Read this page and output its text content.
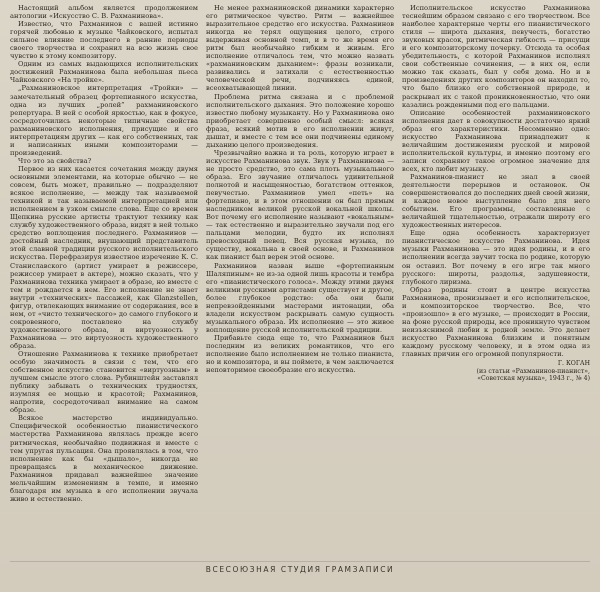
Настоящий альбом является продолжением антологии «Искусство С. В. Рахманинова».

Известно, что Рахманинов с вашей истинно горячей любовью к музыке Чайковского, испытал сильное влияние последнего в ранние периоды своего творчества и сохранил на всю жизнь свое чувство к этому композитору.

Одним из самых выдающихся исполнительских достижений Рахманинова была небольшая пьеса Чайковского «На тройке».

„Рахманиновское интерпретация «Тройки» — замечательный образец фортепианного искусства, одна из лучших „ролей” рахманиновского репертуара. В ней с особой яркостью, как в фокусе, сосредоточились некоторые типичные свойства рахманиновского исполнения, присущие и его интерпретациям других — как его собственных, так и написанных иными композиторами — произведений.

Что это за свойства?

Первое из них касается сочетания между двумя основными элементами, на которые обычно — не совсем, быть может, правильно — подразделяют всякое исполнение, — между так называемой техникой и так называемой интерпретацией или исполнением в узком смысле слова. Еще со времен Щепкина русские артисты трактуют технику как службу художественного образа, видят в ней только средство воплощения последнего. Рахманинов — достойный наследник, внушающий представитель этой славной традиции русского исполнительского искусства. Перефразируя известное изречение К. С. Станиславского (артист умирает в режиссере, режиссер умирает в актере), можно сказать, что у Рахманинова техника умирает в образе, но вместе с тем и рождается в нем. Его исполнение не знает внутри «технических» пассажей, как Glanzstellen, фигур, отвлекающих внимание от содержания, все в нем, от «чисто технического» до самого глубокого и сокровенного, поставлено на службу художественного образа, и виртуозность у Рахманинова — это виртуозность художественного образа.

Отношение Рахманинова к технике приобретает особую значимость в связи с тем, что его собственное искусство становится «виртуозным» в лучшем смысле этого слова. Рубинштейн заставлял публику забывать о технических трудностях, изумляя ее мощью и красотой; Рахманинов, напротив, сосредоточивал внимание на самом образе.

Всякое мастерство индивидуально. Специфической особенностью пианистического мастерства Рахманинова являлась прежде всего ритмическая, необычайно подвижная и вместе с тем упругая пульсация. Она проявлялась в том, что исполнение как бы «дышало», никогда не превращаясь в механическое движение. Рахманинов придавал важнейшее значение мельчайшим изменениям в темпе, и именно благодаря им музыка в его исполнении звучала живо и естественно.

Не менее рахманиновской динамики характерно его ритмическое чувство. Ритм — важнейшее выразительное средство его искусства. Рахманинов никогда не терял ощущения целого, строго выдерживая основной темп, и в то же время его ритм был необычайно гибким и живым. Его исполнение отличалось тем, что можно назвать «рахманиновским дыханием»: фразы возникали, развивались и затихали с естественностью человеческой речи, подчиняясь единой, всеохватывающей линии.

Проблема ритма связана и с проблемой исполнительского дыхания. Это положение хорошо известно любому музыканту. Но у Рахманинова оно приобретает совершенно особый смысл: всякая фраза, всякий мотив в его исполнении живут, дышат, и вместе с тем все они подчинены единому дыханию целого произведения.

Чрезвычайно важна и та роль, которую играет в искусстве Рахманинова звук. Звук у Рахманинова — не просто средство, это сама плоть музыкального образа. Его звучание отличалось удивительной полнотой и насыщенностью, богатством оттенков, певучестью. Рахманинов умел «петь» на фортепиано, и в этом отношении он был прямым наследником великой русской вокальной школы. Вот почему его исполнение называют «вокальным» — так естественно и выразительно звучали под его пальцами мелодии, будто их исполнял превосходный певец. Вся русская музыка, по существу, вокальна в своей основе, и Рахманинов как пианист был верен этой основе.

Рахманинов назван выше «фортепианным Шаляпиным» не из-за одной лишь красоты и тембра его «пианистического голоса». Между этими двумя великими русскими артистами существует и другое, более глубокое родство: оба они были непревзойденными мастерами интонации, оба владели искусством раскрывать самую сущность музыкального образа. Их исполнение — это живое воплощение русской исполнительской традиции.

Прибавьте сюда еще то, что Рахманинов был последним из великих романтиков, что его исполнение было исполнением не только пианиста, но и композитора, и вы поймете, в чем заключается неповторимое своеобразие его искусства.

Исполнительское искусство Рахманинова теснейшим образом связано с его творчеством. Все наиболее характерные черты его пианистического стиля — широта дыхания, певучесть, богатство звуковых красок, ритмическая гибкость — присущи и его композиторскому почерку. Отсюда та особая убедительность, с которой Рахманинов исполнял свои собственные сочинения, — в них он, если можно так сказать, был у себя дома. Но и в произведениях других композиторов он находил то, что было близко его собственной природе, и раскрывал их с такой проникновенностью, что они казались рожденными под его пальцами.

Описание особенностей рахманиновского исполнения дает в совокупности достаточно яркий образ его характеристики. Несомненно одно: искусство Рахманинова принадлежит к величайшим достижениям русской и мировой исполнительской культуры, и именно поэтому его записи сохраняют такое огромное значение для всех, кто любит музыку.

Рахманинов-пианист не знал в своей деятельности перерывов и остановок. Он совершенствовался до последних дней своей жизни, и каждое новое выступление было для него событием. Его программы, составленные с величайшей тщательностью, отражали широту его художественных интересов.

Еще одна особенность характеризует пианистическое искусство Рахманинова. Идея музыки Рахманинова — это идея родины, и в его исполнении всегда звучит тоска по родине, которую он оставил. Вот почему в его игре так много русского: широты, раздолья, задушевности, глубокого лиризма.

Образ родины стоит в центре искусства Рахманинова, пронизывает и его исполнительское, и композиторское творчество. Все, что «произошло» в его музыке, — происходит в России, на фоне русской природы, все проникнуто чувством неизъяснимой любви к родной земле. Это делает искусство Рахманинова близким и понятным каждому русскому человеку, и в этом одна из главных причин его огромной популярности.

Г. КОГАН
(из статьи «Рахманинов-пианист»,
«Советская музыка», 1943 г., № 4)
ВСЕСОЮЗНАЯ СТУДИЯ ГРАМЗАПИСИ
